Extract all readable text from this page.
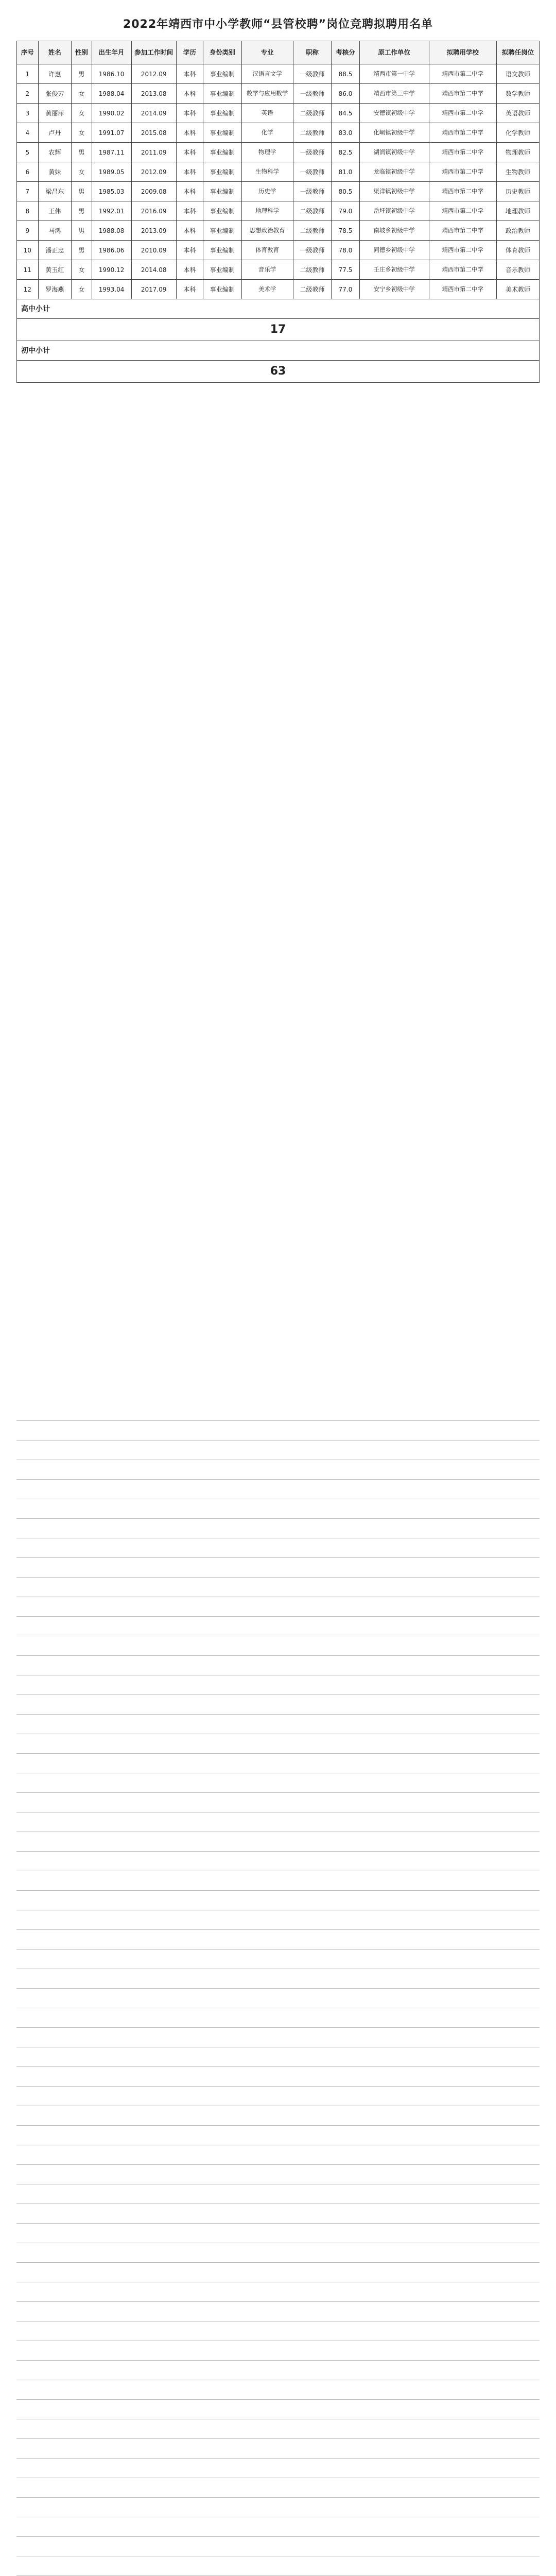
2022年靖西市中小学教师“县管校聘”岗位竞聘拟聘用名单
序号	姓名	性别	出生年月	参加工作时间	学历	身份类别	专业	职称	考核分	原工作单位	拟聘用学校	拟聘任岗位
1	许惠	男	1986.10	2012.09	本科	事业编制	汉语言文学	一级教师	88.5	靖西市第一中学	靖西市第二中学	语文教师
2	张俊芳	女	1988.04	2013.08	本科	事业编制	数学与应用数学	一级教师	86.0	靖西市第三中学	靖西市第二中学	数学教师
3	黄丽萍	女	1990.02	2014.09	本科	事业编制	英语	二级教师	84.5	安德镇初级中学	靖西市第二中学	英语教师
4	卢丹	女	1991.07	2015.08	本科	事业编制	化学	二级教师	83.0	化峒镇初级中学	靖西市第二中学	化学教师
5	农辉	男	1987.11	2011.09	本科	事业编制	物理学	一级教师	82.5	湖润镇初级中学	靖西市第二中学	物理教师
6	黄妹	女	1989.05	2012.09	本科	事业编制	生物科学	一级教师	81.0	龙临镇初级中学	靖西市第二中学	生物教师
7	梁昌东	男	1985.03	2009.08	本科	事业编制	历史学	一级教师	80.5	渠洋镇初级中学	靖西市第二中学	历史教师
8	王伟	男	1992.01	2016.09	本科	事业编制	地理科学	二级教师	79.0	岳圩镇初级中学	靖西市第二中学	地理教师
9	马鸿	男	1988.08	2013.09	本科	事业编制	思想政治教育	二级教师	78.5	南坡乡初级中学	靖西市第二中学	政治教师
10	潘正忠	男	1986.06	2010.09	本科	事业编制	体育教育	一级教师	78.0	同德乡初级中学	靖西市第二中学	体育教师
11	黄玉红	女	1990.12	2014.08	本科	事业编制	音乐学	二级教师	77.5	壬庄乡初级中学	靖西市第二中学	音乐教师
12	罗海燕	女	1993.04	2017.09	本科	事业编制	美术学	二级教师	77.0	安宁乡初级中学	靖西市第二中学	美术教师
高中小计												
17												
初中小计												
63												
